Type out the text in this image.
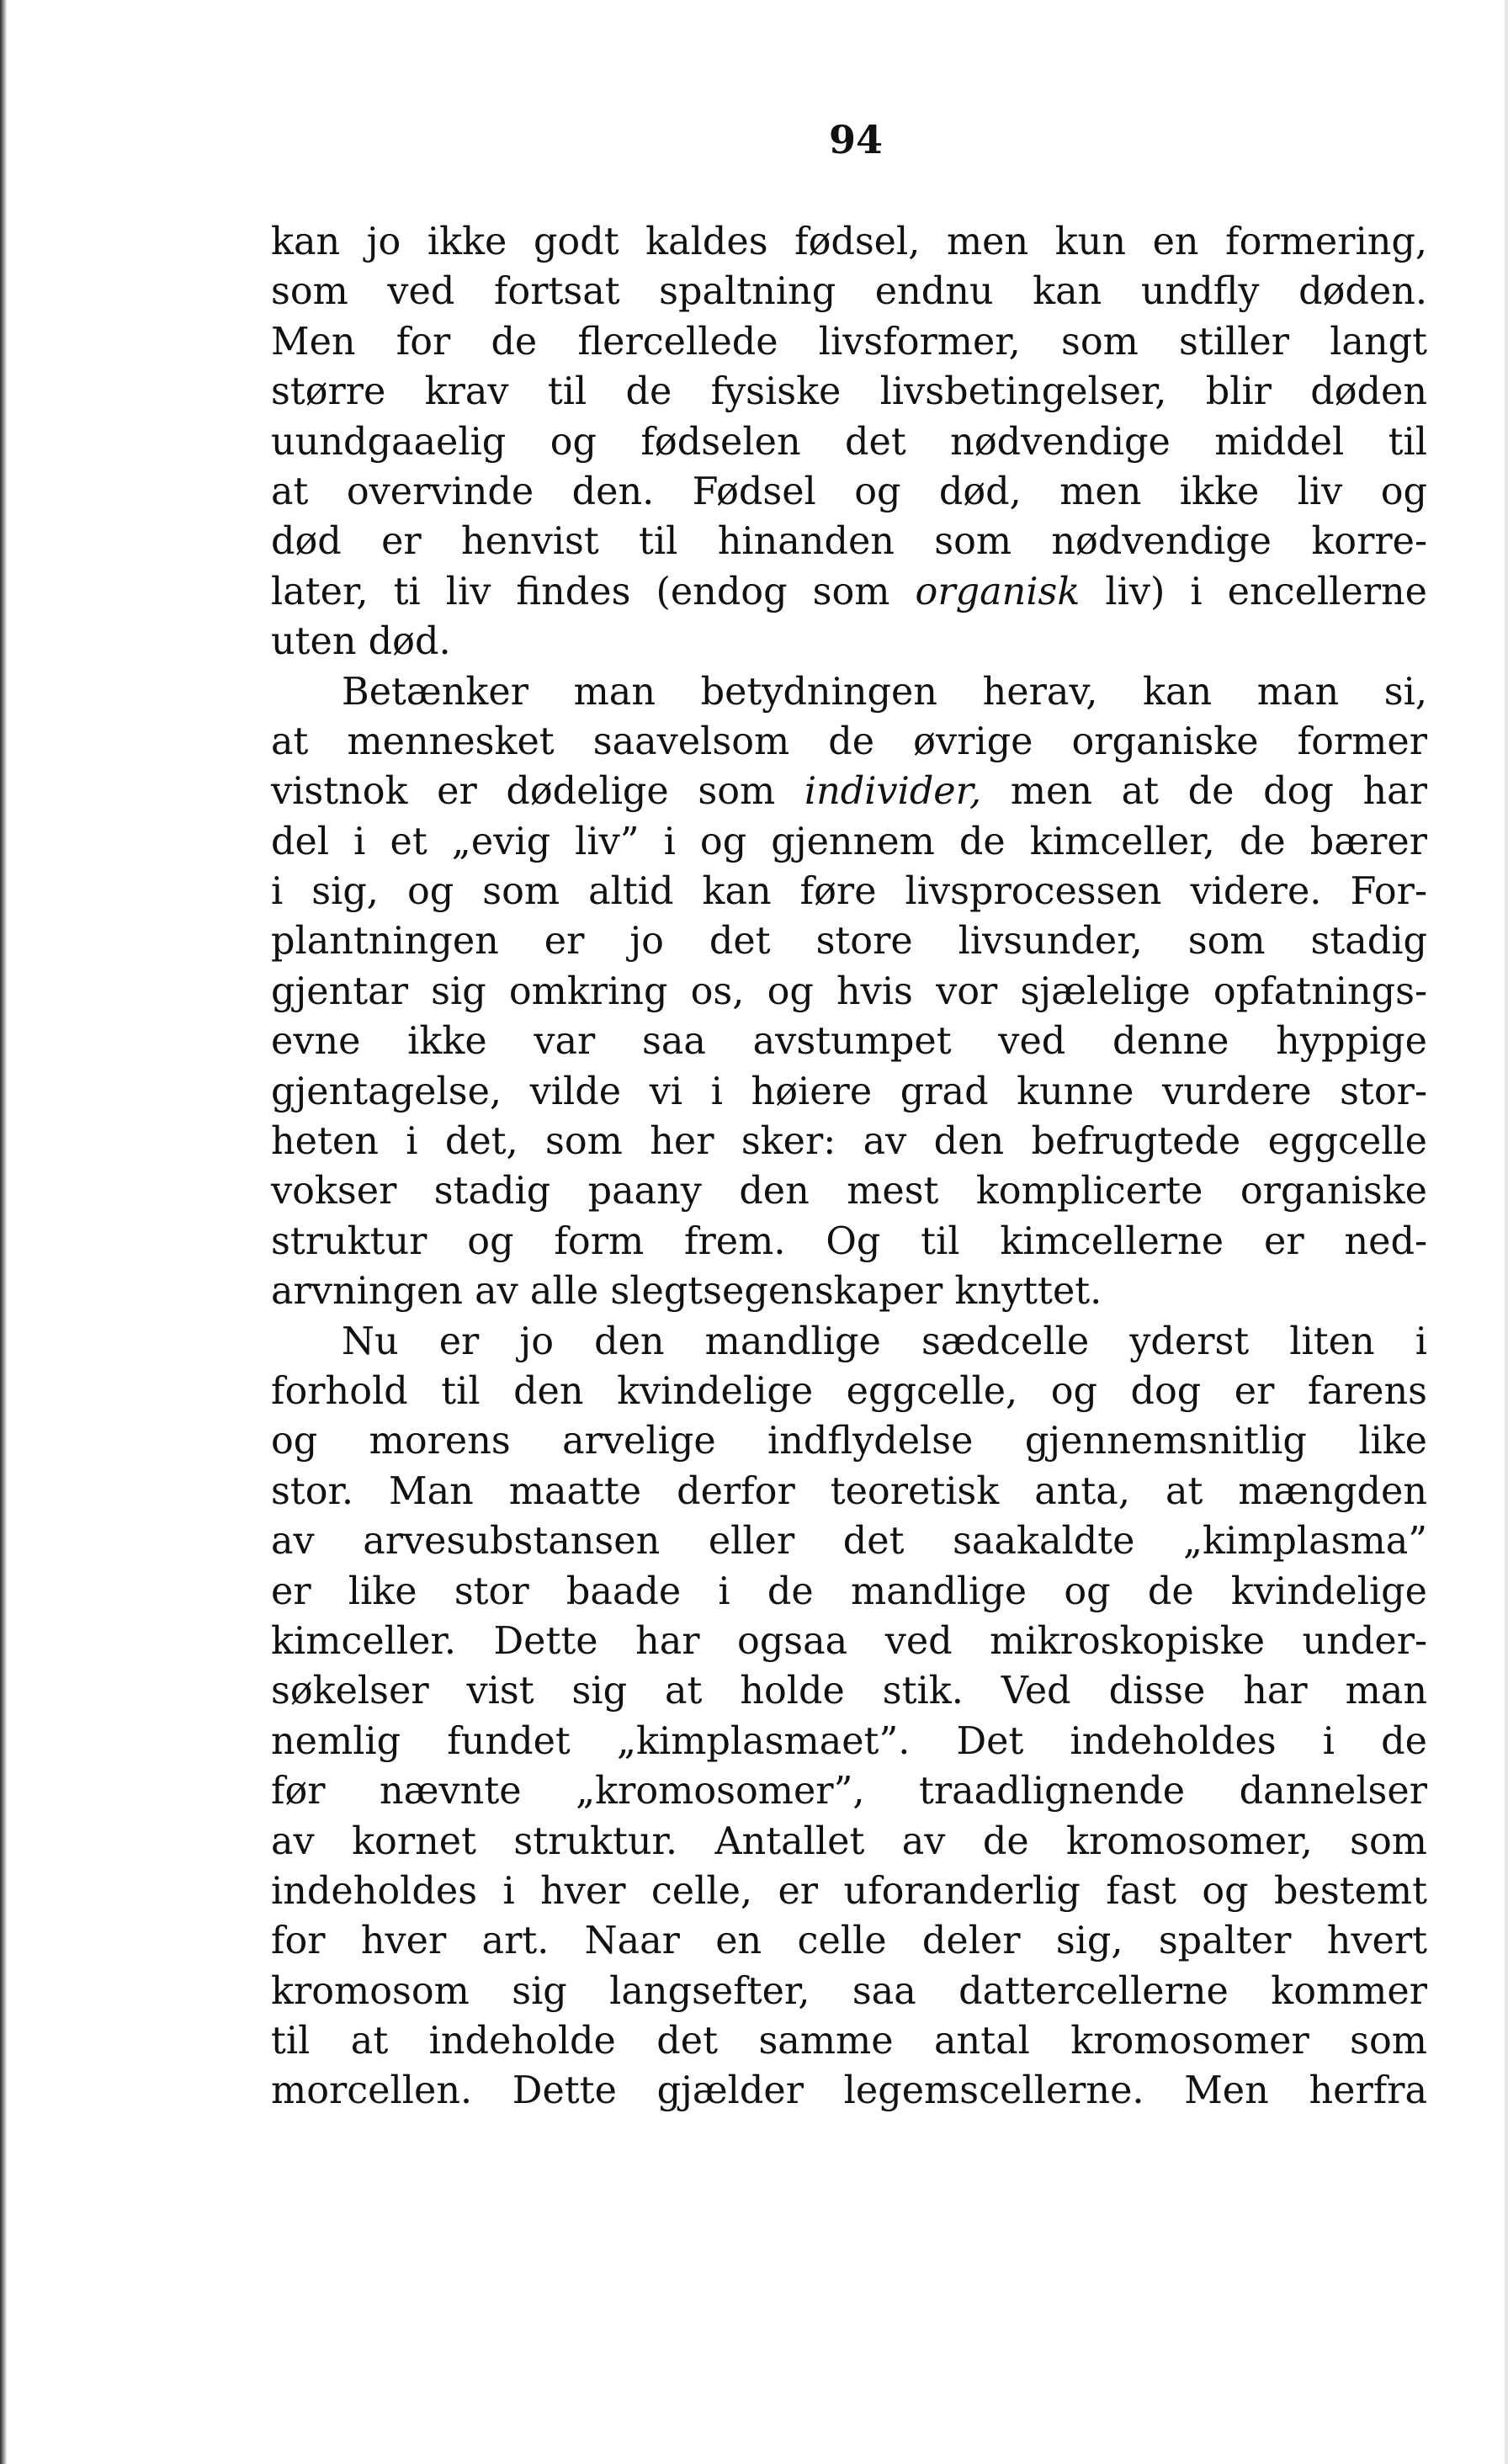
94
kan jo ikke godt kaldes fødsel, men kun en formering,
som ved fortsat spaltning endnu kan undfly døden.
Men for de flercellede livsformer, som stiller langt
større krav til de fysiske livsbetingelser, blir døden
uundgaaelig og fødselen det nødvendige middel til
at overvinde den. Fødsel og død, men ikke liv og
død er henvist til hinanden som nødvendige korre-
later, ti liv findes (endog som organisk liv) i encellerne
uten død.
Betænker man betydningen herav, kan man si,
at mennesket saavelsom de øvrige organiske former
vistnok er dødelige som individer, men at de dog har
del i et „evig liv” i og gjennem de kimceller, de bærer
i sig, og som altid kan føre livsprocessen videre. For-
plantningen er jo det store livsunder, som stadig
gjentar sig omkring os, og hvis vor sjælelige opfatnings-
evne ikke var saa avstumpet ved denne hyppige
gjentagelse, vilde vi i høiere grad kunne vurdere stor-
heten i det, som her sker: av den befrugtede eggcelle
vokser stadig paany den mest komplicerte organiske
struktur og form frem. Og til kimcellerne er ned-
arvningen av alle slegtsegenskaper knyttet.
Nu er jo den mandlige sædcelle yderst liten i
forhold til den kvindelige eggcelle, og dog er farens
og morens arvelige indflydelse gjennemsnitlig like
stor. Man maatte derfor teoretisk anta, at mængden
av arvesubstansen eller det saakaldte „kimplasma”
er like stor baade i de mandlige og de kvindelige
kimceller. Dette har ogsaa ved mikroskopiske under-
søkelser vist sig at holde stik. Ved disse har man
nemlig fundet „kimplasmaet”. Det indeholdes i de
før nævnte „kromosomer”, traadlignende dannelser
av kornet struktur. Antallet av de kromosomer, som
indeholdes i hver celle, er uforanderlig fast og bestemt
for hver art. Naar en celle deler sig, spalter hvert
kromosom sig langsefter, saa dattercellerne kommer
til at indeholde det samme antal kromosomer som
morcellen. Dette gjælder legemscellerne. Men herfra
